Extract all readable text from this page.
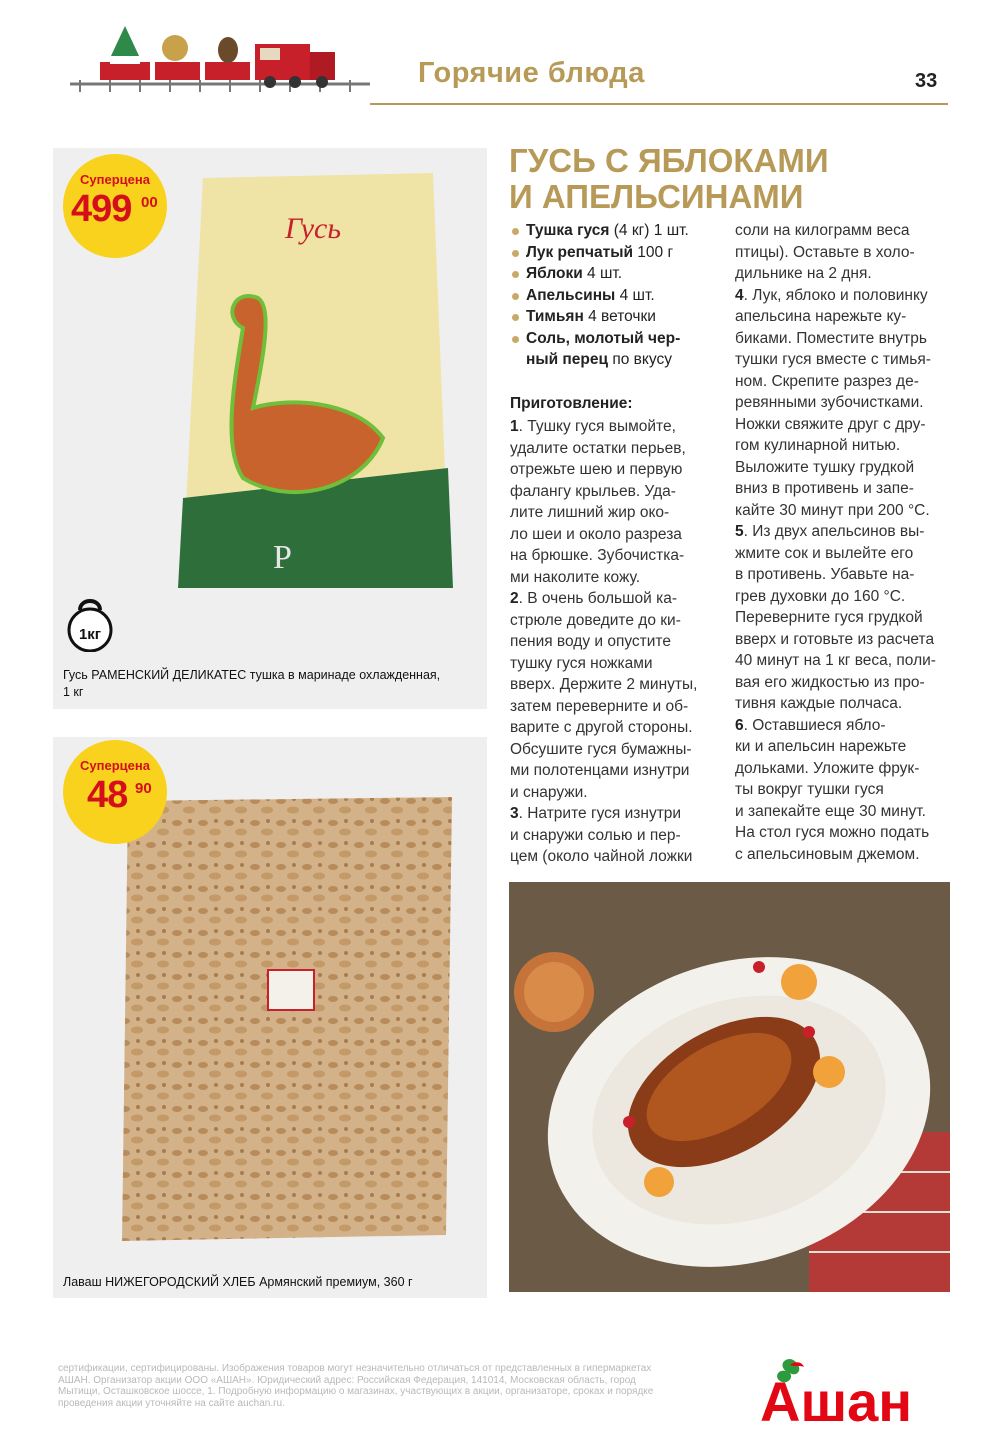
Горячие блюда	33
Гусь
P
Суперцена
499 00
1кг
Гусь РАМЕНСКИЙ ДЕЛИКАТЕС тушка в маринаде охлажденная,
1 кг
Суперцена
48 90
Лаваш НИЖЕГОРОДСКИЙ ХЛЕБ Армянский премиум, 360 г
ГУСЬ С ЯБЛОКАМИ
И АПЕЛЬСИНАМИ
Тушка гуся (4 кг) 1 шт.
Лук репчатый 100 г
Яблоки 4 шт.
Апельсины 4 шт.
Тимьян 4 веточки
Соль, молотый чер-
ный перец по вкусу
Приготовление:
1. Тушку гуся вымойте,
удалите остатки перьев,
отрежьте шею и первую
фалангу крыльев. Уда-
лите лишний жир око-
ло шеи и около разреза
на брюшке. Зубочистка-
ми наколите кожу.
2. В очень большой ка-
стрюле доведите до ки-
пения воду и опустите
тушку гуся ножками
вверх. Держите 2 минуты,
затем переверните и об-
варите с другой стороны.
Обсушите гуся бумажны-
ми полотенцами изнутри
и снаружи.
3. Натрите гуся изнутри
и снаружи солью и пер-
цем (около чайной ложки
соли на килограмм веса
птицы). Оставьте в холо-
дильнике на 2 дня.
4. Лук, яблоко и половинку
апельсина нарежьте ку-
биками. Поместите внутрь
тушки гуся вместе с тимья-
ном. Скрепите разрез де-
ревянными зубочистками.
Ножки свяжите друг с дру-
гом кулинарной нитью.
Выложите тушку грудкой
вниз в противень и запе-
кайте 30 минут при 200 °С.
5. Из двух апельсинов вы-
жмите сок и вылейте его
в противень. Убавьте на-
грев духовки до 160 °С.
Переверните гуся грудкой
вверх и готовьте из расчета
40 минут на 1 кг веса, поли-
вая его жидкостью из про-
тивня каждые полчаса.
6. Оставшиеся ябло-
ки и апельсин нарежьте
дольками. Уложите фрук-
ты вокруг тушки гуся
и запекайте еще 30 минут.
На стол гуся можно подать
с апельсиновым джемом.
сертификации, сертифицированы. Изображения товаров могут незначительно отличаться от представленных в гипермаркетах
АШАН. Организатор акции ООО «АШАН». Юридический адрес: Российская Федерация, 141014, Московская область, город
Мытищи, Осташковское шоссе, 1. Подробную информацию о магазинах, участвующих в акции, организаторе, сроках и порядке
проведения акции уточняйте на сайте auchan.ru.	Ашан
